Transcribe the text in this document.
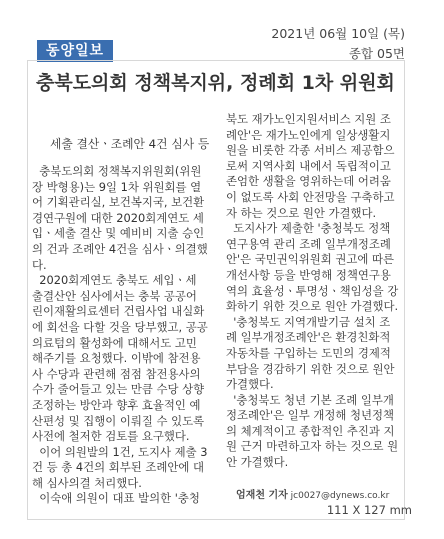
2021년 06월 10일 (목)
종합 05면
동양일보
충북도의회 정책복지위, 정례회 1차 위원회
세출 결산ㆍ조례안 4건 심사 등
충북도의회 정책복지위원회(위원
장 박형용)는 9일 1차 위원회를 열
어 기획관리실, 보건복지국, 보건환
경연구원에 대한 2020회계연도 세
입ㆍ세출 결산 및 예비비 지출 승인
의 건과 조례안 4건을 심사ㆍ의결했
다.
2020회계연도 충북도 세입ㆍ세
출결산안 심사에서는 충북 공공어
린이재활의료센터 건립사업 내실화
에 회선을 다할 것을 당부했고, 공공
의료텀의 활성화에 대해서도 고민
해주기를 요청했다. 이밖에 참전용
사 수당과 관련해 점점 참전용사의
수가 줄어들고 있는 만큼 수당 상향
조정하는 방안과 향후 효율적인 예
산편성 및 집행이 이뤄질 수 있도록
사전에 철저한 검토를 요구했다.
이어 의원발의 1건, 도지사 제출 3
건 등 총 4건의 회부된 조례안에 대
해 심사의결 처리했다.
이숙애 의원이 대표 발의한 '충청
북도 재가노인지원서비스 지원 조
례안'은 재가노인에게 일상생활지
원을 비롯한 각종 서비스 제공함으
로써 지역사회 내에서 독립적이고
존엄한 생활을 영위하는데 어려움
이 없도록 사회 안전망을 구축하고
자 하는 것으로 원안 가결했다.
도지사가 제출한 '충청북도 정책
연구용역 관리 조례 일부개정조례
안'은 국민권익위원회 권고에 따른
개선사항 등을 반영해 정책연구용
역의 효율성ㆍ투명성ㆍ책임성을 강
화하기 위한 것으로 원안 가결했다.
'충청북도 지역개발기금 설치 조
례 일부개정조례안'은 환경친화적
자동차를 구입하는 도민의 경제적
부담을 경감하기 위한 것으로 원안
가결했다.
'충청북도 청년 기본 조례 일부개
정조례안'은 일부 개정해 청년정책
의 체계적이고 종합적인 추진과 지
원 근거 마련하고자 하는 것으로 원
안 가결했다.
엄재천 기자 jc0027@dynews.co.kr
111 X 127 mm
